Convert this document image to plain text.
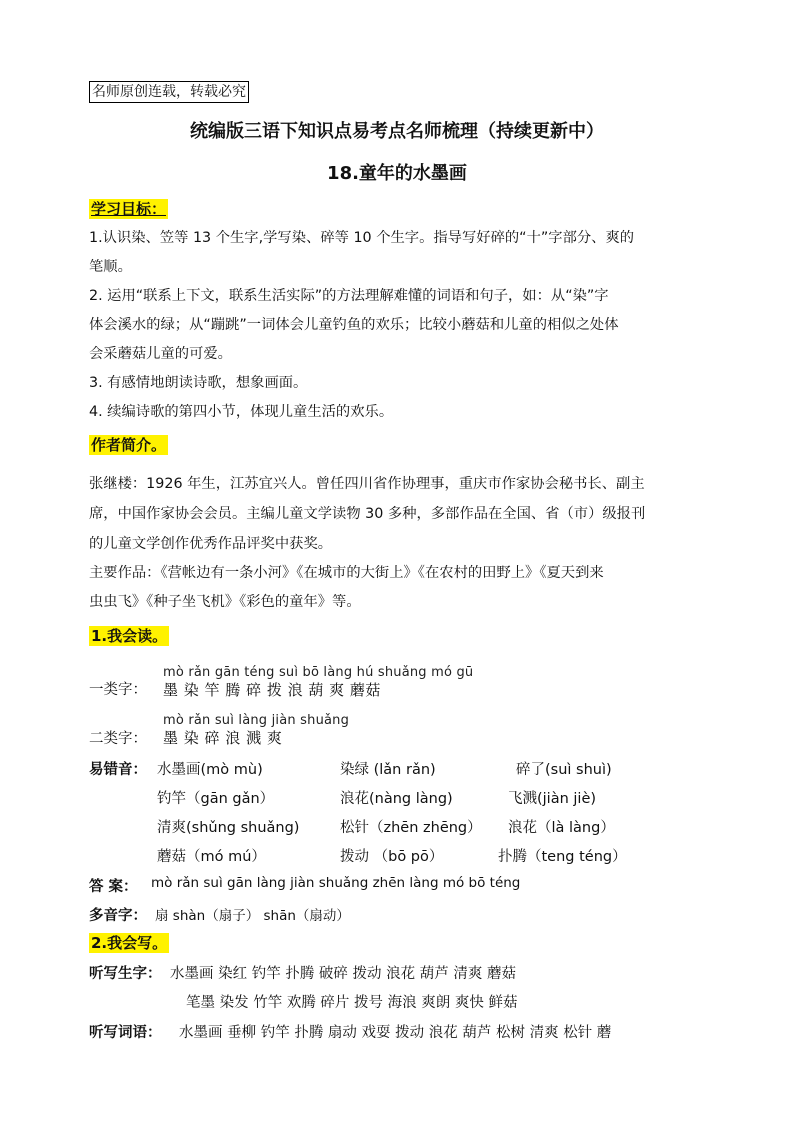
名师原创连载，转载必究
统编版三语下知识点易考点名师梳理（持续更新中）
18.童年的水墨画
学习目标：
1.认识染、笠等 13 个生字,学写染、碎等 10 个生字。指导写好碎的“十”字部分、爽的
笔顺。
2. 运用“联系上下文，联系生活实际”的方法理解难懂的词语和句子，如：从“染”字
体会溪水的绿；从“蹦跳”一词体会儿童钓鱼的欢乐；比较小蘑菇和儿童的相似之处体
会采蘑菇儿童的可爱。
3. 有感情地朗读诗歌，想象画面。
4. 续编诗歌的第四小节，体现儿童生活的欢乐。
作者简介。
张继楼：1926 年生，江苏宜兴人。曾任四川省作协理事，重庆市作家协会秘书长、副主
席，中国作家协会会员。主编儿童文学读物 30 多种，多部作品在全国、省（市）级报刊
的儿童文学创作优秀作品评奖中获奖。
主要作品：《营帐边有一条小河》《在城市的大街上》《在农村的田野上》《夏天到来
虫虫飞》《种子坐飞机》《彩色的童年》等。
1.我会读。
一类字：
mò rǎn gān téng suì bō làng hú shuǎng mó gū
墨 染 竿 腾 碎 拨 浪 葫 爽 蘑菇
二类字：
mò rǎn suì làng jiàn shuǎng
墨 染 碎 浪 溅 爽
易错音： 水墨画(mò mù)	染绿 (lǎn rǎn)	碎了(suì shuì)
钓竿（gān gǎn）	浪花(nàng làng)	飞溅(jiàn jiè)
清爽(shǔng shuǎng)	松针（zhēn zhēng） 浪花（là làng）
蘑菇（mó mú）	拨动 （bō pō）	扑腾（teng téng）
答 案： mò rǎn suì gān làng jiàn shuǎng zhēn làng mó bō téng
多音字： 扇 shàn（扇子） shān（扇动）
2.我会写。
听写生字： 水墨画 染红 钓竿 扑腾 破碎 拨动 浪花 葫芦 清爽 蘑菇
笔墨 染发 竹竿 欢腾 碎片 拨号 海浪 爽朗 爽快 鲜菇
听写词语： 水墨画 垂柳 钓竿 扑腾 扇动 戏耍 拨动 浪花 葫芦 松树 清爽 松针 蘑
